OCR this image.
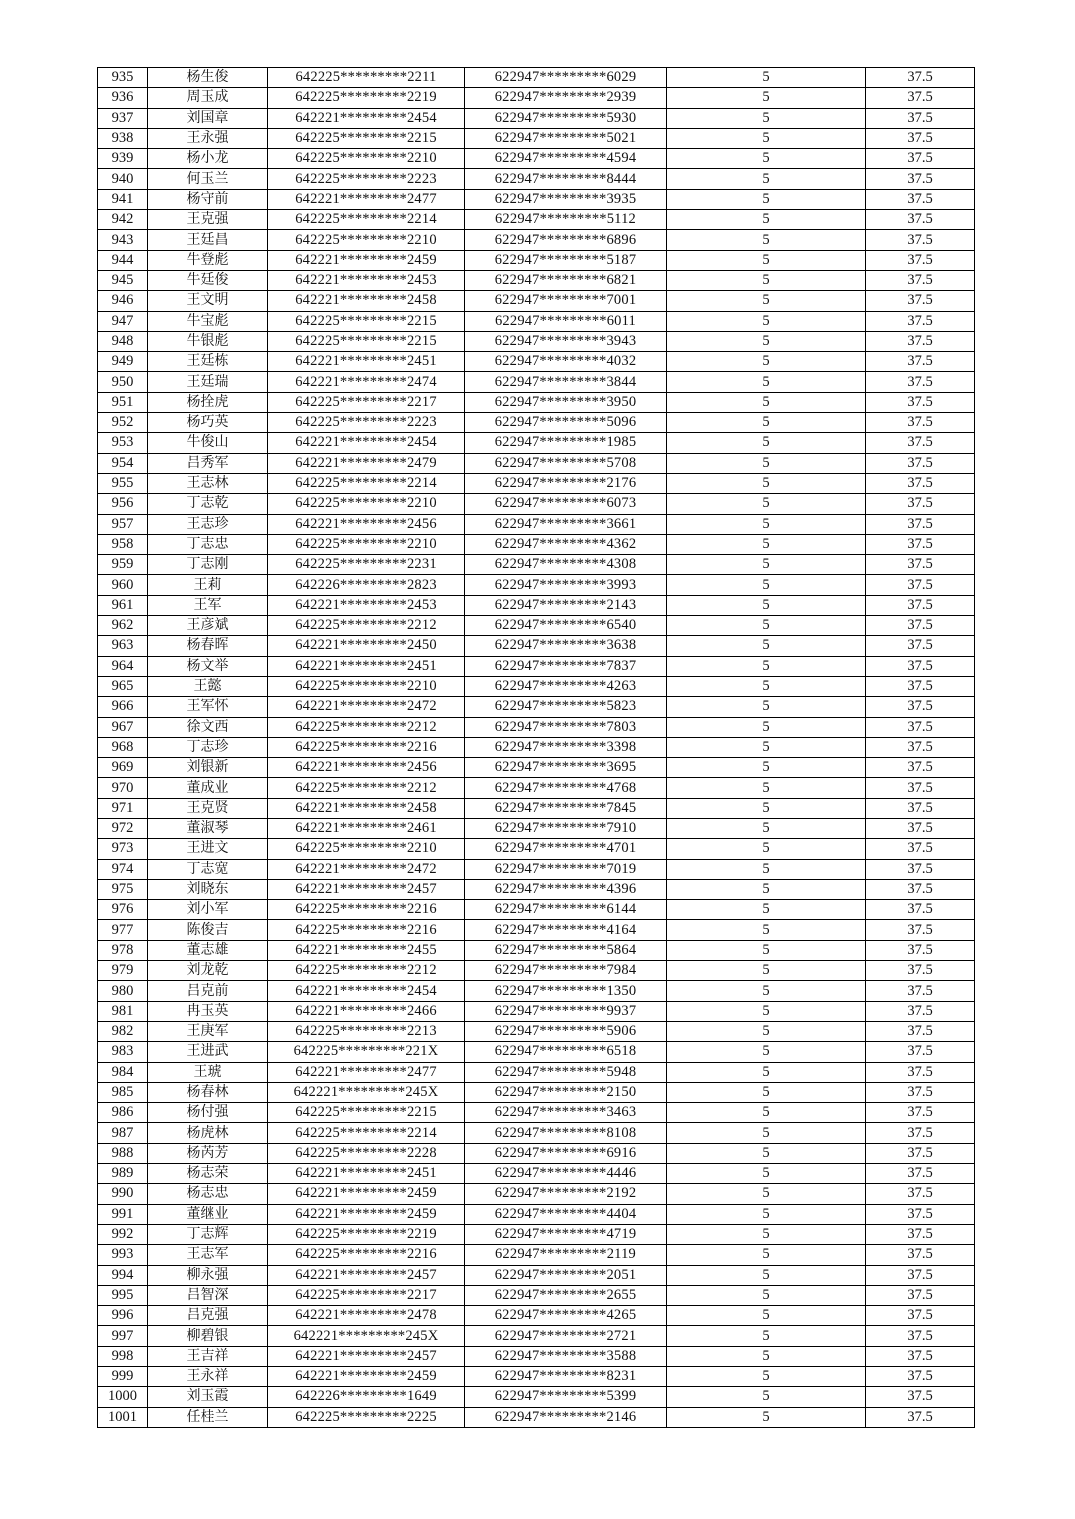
935	杨生俊	642225*********2211	622947*********6029	5	37.5
936	周玉成	642225*********2219	622947*********2939	5	37.5
937	刘国章	642221*********2454	622947*********5930	5	37.5
938	王永强	642225*********2215	622947*********5021	5	37.5
939	杨小龙	642225*********2210	622947*********4594	5	37.5
940	何玉兰	642225*********2223	622947*********8444	5	37.5
941	杨守前	642221*********2477	622947*********3935	5	37.5
942	王克强	642225*********2214	622947*********5112	5	37.5
943	王廷昌	642225*********2210	622947*********6896	5	37.5
944	牛登彪	642221*********2459	622947*********5187	5	37.5
945	牛廷俊	642221*********2453	622947*********6821	5	37.5
946	王文明	642221*********2458	622947*********7001	5	37.5
947	牛宝彪	642225*********2215	622947*********6011	5	37.5
948	牛银彪	642225*********2215	622947*********3943	5	37.5
949	王廷栋	642221*********2451	622947*********4032	5	37.5
950	王廷瑞	642221*********2474	622947*********3844	5	37.5
951	杨拴虎	642225*********2217	622947*********3950	5	37.5
952	杨巧英	642225*********2223	622947*********5096	5	37.5
953	牛俊山	642221*********2454	622947*********1985	5	37.5
954	吕秀军	642221*********2479	622947*********5708	5	37.5
955	王志林	642225*********2214	622947*********2176	5	37.5
956	丁志乾	642225*********2210	622947*********6073	5	37.5
957	王志珍	642221*********2456	622947*********3661	5	37.5
958	丁志忠	642225*********2210	622947*********4362	5	37.5
959	丁志刚	642225*********2231	622947*********4308	5	37.5
960	王莉	642226*********2823	622947*********3993	5	37.5
961	王军	642221*********2453	622947*********2143	5	37.5
962	王彦斌	642225*********2212	622947*********6540	5	37.5
963	杨春晖	642221*********2450	622947*********3638	5	37.5
964	杨文举	642221*********2451	622947*********7837	5	37.5
965	王懿	642225*********2210	622947*********4263	5	37.5
966	王军怀	642221*********2472	622947*********5823	5	37.5
967	徐文西	642225*********2212	622947*********7803	5	37.5
968	丁志珍	642225*********2216	622947*********3398	5	37.5
969	刘银新	642221*********2456	622947*********3695	5	37.5
970	董成业	642225*********2212	622947*********4768	5	37.5
971	王克贤	642221*********2458	622947*********7845	5	37.5
972	董淑琴	642221*********2461	622947*********7910	5	37.5
973	王进文	642225*********2210	622947*********4701	5	37.5
974	丁志宽	642221*********2472	622947*********7019	5	37.5
975	刘晓东	642221*********2457	622947*********4396	5	37.5
976	刘小军	642225*********2216	622947*********6144	5	37.5
977	陈俊吉	642225*********2216	622947*********4164	5	37.5
978	董志雄	642221*********2455	622947*********5864	5	37.5
979	刘龙乾	642225*********2212	622947*********7984	5	37.5
980	吕克前	642221*********2454	622947*********1350	5	37.5
981	冉玉英	642221*********2466	622947*********9937	5	37.5
982	王庚军	642225*********2213	622947*********5906	5	37.5
983	王进武	642225*********221X	622947*********6518	5	37.5
984	王琥	642221*********2477	622947*********5948	5	37.5
985	杨春林	642221*********245X	622947*********2150	5	37.5
986	杨付强	642225*********2215	622947*********3463	5	37.5
987	杨虎林	642225*********2214	622947*********8108	5	37.5
988	杨芮芳	642225*********2228	622947*********6916	5	37.5
989	杨志荣	642221*********2451	622947*********4446	5	37.5
990	杨志忠	642221*********2459	622947*********2192	5	37.5
991	董继业	642221*********2459	622947*********4404	5	37.5
992	丁志辉	642225*********2219	622947*********4719	5	37.5
993	王志军	642225*********2216	622947*********2119	5	37.5
994	柳永强	642221*********2457	622947*********2051	5	37.5
995	吕智深	642225*********2217	622947*********2655	5	37.5
996	吕克强	642221*********2478	622947*********4265	5	37.5
997	柳碧银	642221*********245X	622947*********2721	5	37.5
998	王吉祥	642221*********2457	622947*********3588	5	37.5
999	王永祥	642221*********2459	622947*********8231	5	37.5
1000	刘玉霞	642226*********1649	622947*********5399	5	37.5
1001	任桂兰	642225*********2225	622947*********2146	5	37.5
